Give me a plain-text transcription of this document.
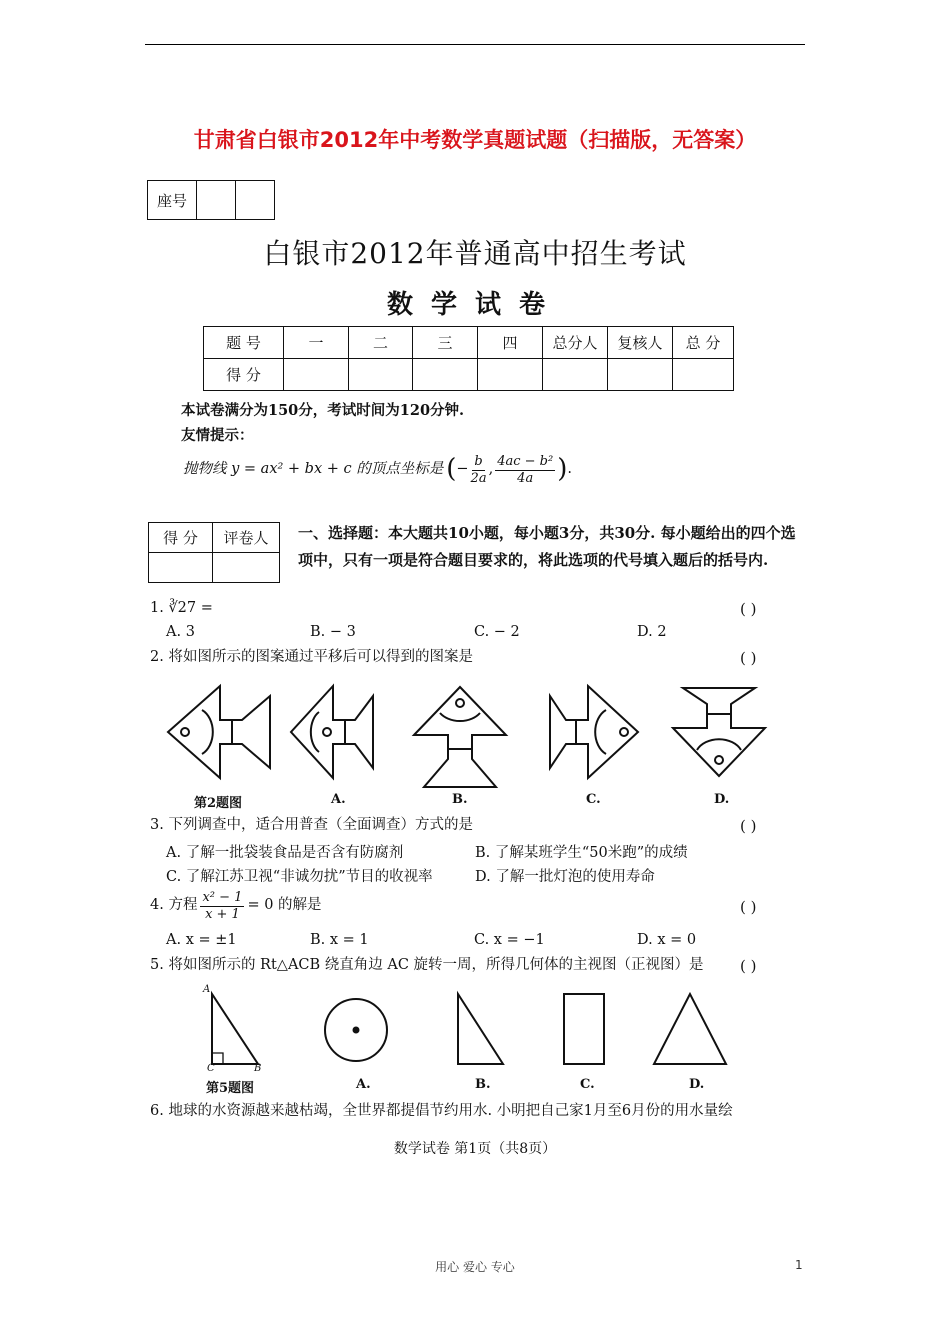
甘肃省白银市2012年中考数学真题试题（扫描版，无答案）
座号		
白银市2012年普通高中招生考试
数学试卷
题 号	一	二	三	四	总分人	复核人	总 分
得 分							
本试卷满分为150分，考试时间为120分钟.
友情提示：
抛物线 y = ax² + bx + c 的顶点坐标是 ( − $\frac{b}{2a}$ , 4ac − b²
4a ) .
得 分	评卷人
	一、选择题：本大题共10小题，每小题3分，共30分. 每小题给出的四个选项中，只有一项是符合题目要求的，将此选项的代号填入题后的括号内.
1. ∛27 =	( )
A. 3	B. − 3	C. − 2	D. 2
2. 将如图所示的图案通过平移后可以得到的图案是	( )
第2题图	A.	B.	C.	D.
3. 下列调查中，适合用普查（全面调查）方式的是	( )
A. 了解一批袋装食品是否含有防腐剂	B. 了解某班学生“50米跑”的成绩
C. 了解江苏卫视“非诚勿扰”节目的收视率	D. 了解一批灯泡的使用寿命
4. 方程 $\frac{\text{x² − 1}}{x + 1} = 0$ 的解是	( )
A. x = ±1	B. x = 1	C. x = −1	D. x = 0
5. 将如图所示的 Rt△ACB 绕直角边 AC 旋转一周，所得几何体的主视图（正视图）是 ( )
A
C	B
第5题图	A.	B.	C.	D.
6. 地球的水资源越来越枯竭，全世界都提倡节约用水. 小明把自己家1月至6月份的用水量绘
数学试卷 第1页（共8页）
用心 爱心 专心	1
